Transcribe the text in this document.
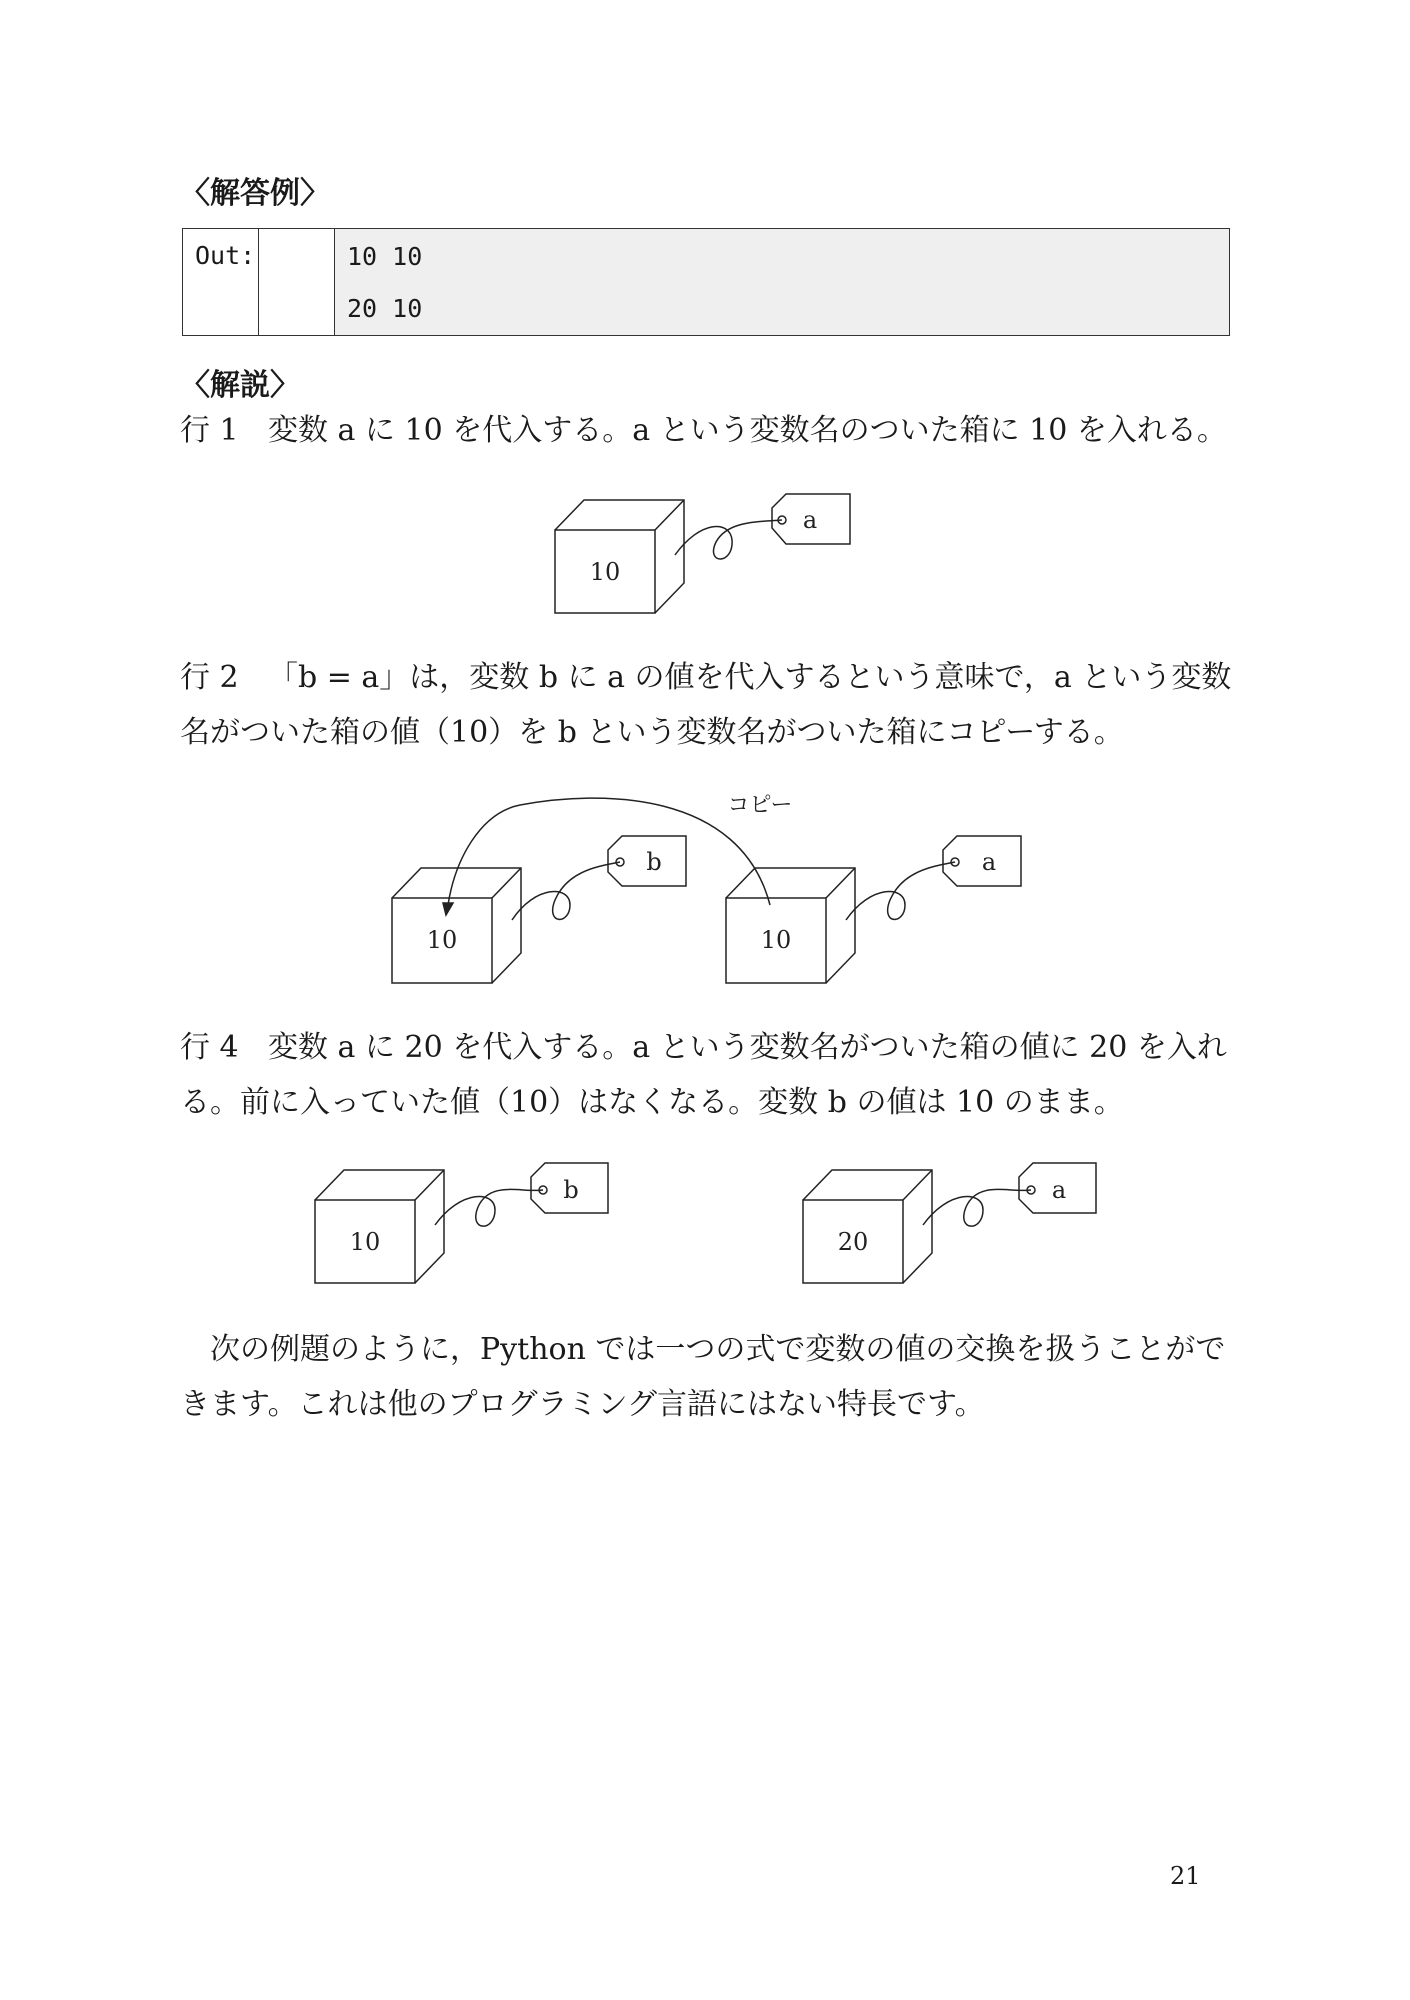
〈解答例〉
Out:	10 10
20 10
〈解説〉

行 1 変数 a に 10 を代入する。a という変数名のついた箱に 10 を入れる。

10
a

行 2 「b = a」は，変数 b に a の値を代入するという意味で，a という変数名がついた箱の値（10）を b という変数名がついた箱にコピーする。

コピー
10
b
10
a

行 4 変数 a に 20 を代入する。a という変数名がついた箱の値に 20 を入れる。前に入っていた値（10）はなくなる。変数 b の値は 10 のまま。

10
b
20
a

次の例題のように，Python では一つの式で変数の値の交換を扱うことができます。これは他のプログラミング言語にはない特長です。

21
